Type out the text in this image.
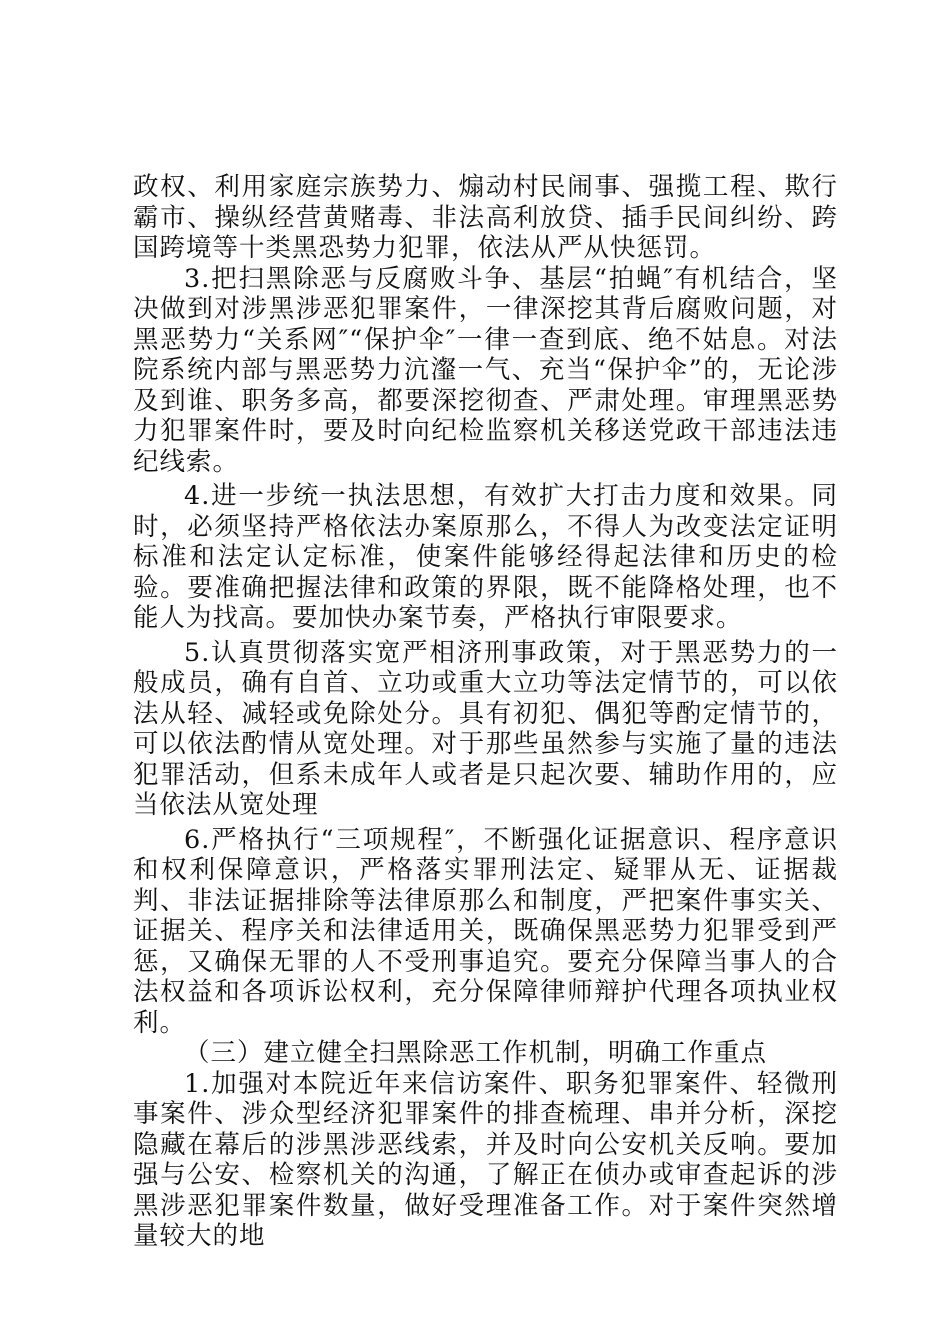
政权、利用家庭宗族势力、煽动村民闹事、强揽工程、欺行霸市、操纵经营黄赌毒、非法高利放贷、插手民间纠纷、跨国跨境等十类黑恐势力犯罪，依法从严从快惩罚。

3.把扫黑除恶与反腐败斗争、基层“拍蝇″有机结合，坚决做到对涉黑涉恶犯罪案件，一律深挖其背后腐败问题，对黑恶势力“关系网″“保护伞″一律一查到底、绝不姑息。对法院系统内部与黑恶势力沆瀣一气、充当“保护伞”的，无论涉及到谁、职务多高，都要深挖彻查、严肃处理。审理黑恶势力犯罪案件时，要及时向纪检监察机关移送党政干部违法违纪线索。

4.进一步统一执法思想，有效扩大打击力度和效果。同时，必须坚持严格依法办案原那么，不得人为改变法定证明标准和法定认定标准，使案件能够经得起法律和历史的检验。要准确把握法律和政策的界限，既不能降格处理，也不能人为找高。要加快办案节奏，严格执行审限要求。

5.认真贯彻落实宽严相济刑事政策，对于黑恶势力的一般成员，确有自首、立功或重大立功等法定情节的，可以依法从轻、减轻或免除处分。具有初犯、偶犯等酌定情节的，可以依法酌情从宽处理。对于那些虽然参与实施了量的违法犯罪活动，但系未成年人或者是只起次要、辅助作用的，应当依法从宽处理

6.严格执行“三项规程″，不断强化证据意识、程序意识和权利保障意识，严格落实罪刑法定、疑罪从无、证据裁判、非法证据排除等法律原那么和制度，严把案件事实关、证据关、程序关和法律适用关，既确保黑恶势力犯罪受到严惩，又确保无罪的人不受刑事追究。要充分保障当事人的合法权益和各项诉讼权利，充分保障律师辩护代理各项执业权利。

（三）建立健全扫黑除恶工作机制，明确工作重点

1.加强对本院近年来信访案件、职务犯罪案件、轻微刑事案件、涉众型经济犯罪案件的排查梳理、串并分析，深挖隐藏在幕后的涉黑涉恶线索，并及时向公安机关反响。要加强与公安、检察机关的沟通，了解正在侦办或审查起诉的涉黑涉恶犯罪案件数量，做好受理准备工作。对于案件突然增量较大的地
